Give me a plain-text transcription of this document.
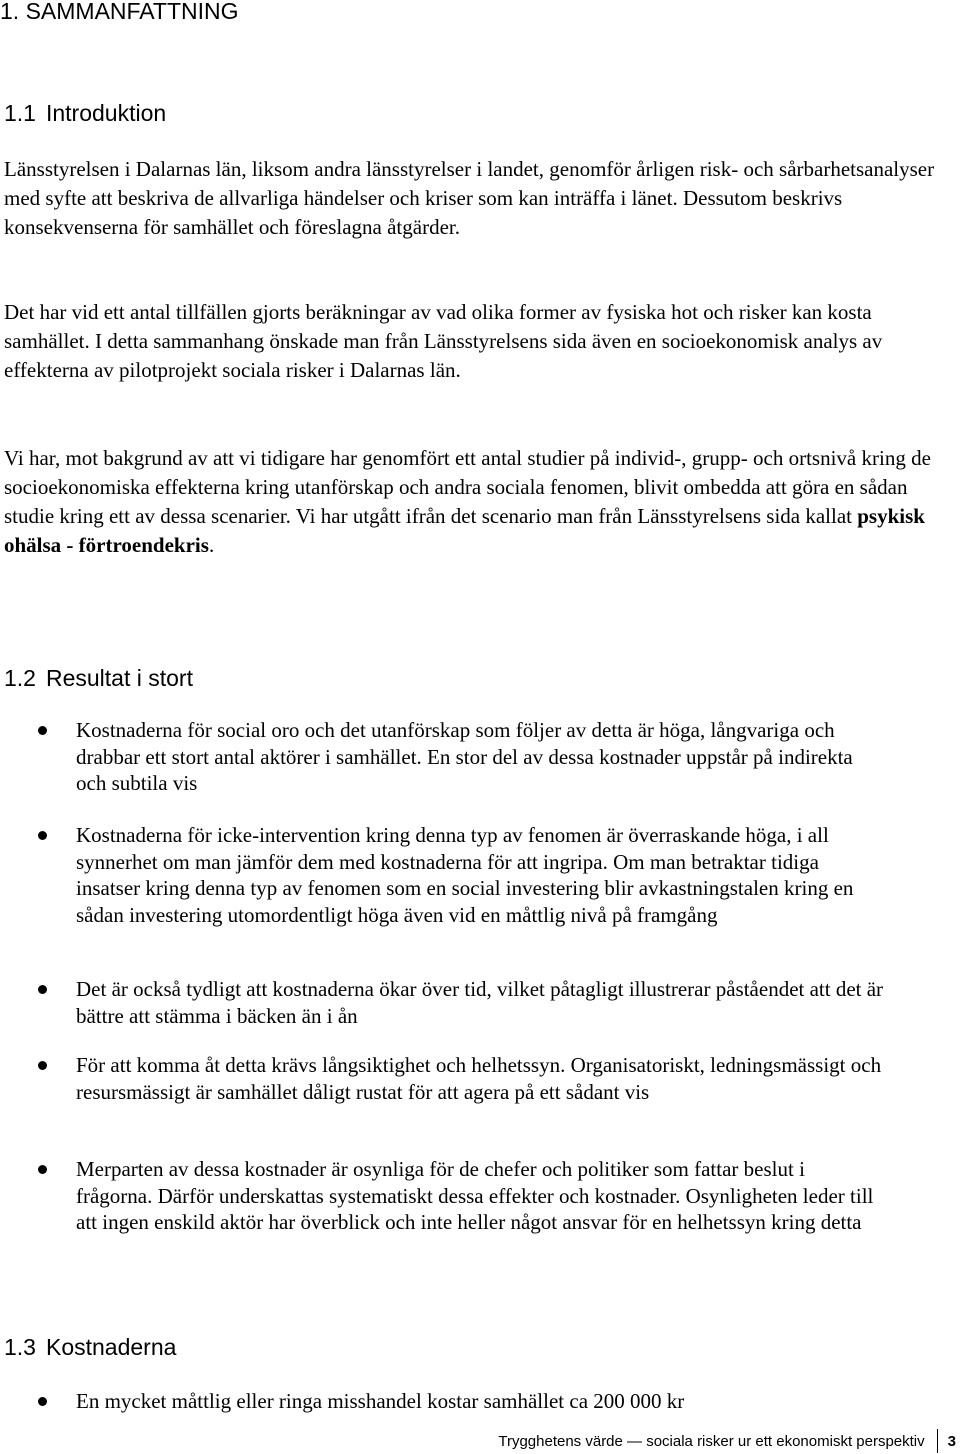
1. SAMMANFATTNING
1.1 Introduktion

Länsstyrelsen i Dalarnas län, liksom andra länsstyrelser i landet, genomför årligen risk- och sårbarhetsanalyser med syfte att beskriva de allvarliga händelser och kriser som kan inträffa i länet. Dessutom beskrivs konsekvenserna för samhället och föreslagna åtgärder.

Det har vid ett antal tillfällen gjorts beräkningar av vad olika former av fysiska hot och risker kan kosta samhället. I detta sammanhang önskade man från Länsstyrelsens sida även en socioekonomisk analys av effekterna av pilotprojekt sociala risker i Dalarnas län.

Vi har, mot bakgrund av att vi tidigare har genomfört ett antal studier på individ-, grupp- och ortsnivå kring de socioekonomiska effekterna kring utanförskap och andra sociala fenomen, blivit ombedda att göra en sådan studie kring ett av dessa scenarier. Vi har utgått ifrån det scenario man från Länsstyrelsens sida kallat psykisk ohälsa - förtroendekris.

1.2 Resultat i stort
Kostnaderna för social oro och det utanförskap som följer av detta är höga, långvariga och drabbar ett stort antal aktörer i samhället. En stor del av dessa kostnader uppstår på indirekta och subtila vis
Kostnaderna för icke-intervention kring denna typ av fenomen är överraskande höga, i all synnerhet om man jämför dem med kostnaderna för att ingripa. Om man betraktar tidiga insatser kring denna typ av fenomen som en social investering blir avkastningstalen kring en sådan investering utomordentligt höga även vid en måttlig nivå på framgång
Det är också tydligt att kostnaderna ökar över tid, vilket påtagligt illustrerar påståendet att det är bättre att stämma i bäcken än i ån
För att komma åt detta krävs långsiktighet och helhetssyn. Organisatoriskt, ledningsmässigt och resursmässigt är samhället dåligt rustat för att agera på ett sådant vis
Merparten av dessa kostnader är osynliga för de chefer och politiker som fattar beslut i frågorna. Därför underskattas systematiskt dessa effekter och kostnader. Osynligheten leder till att ingen enskild aktör har överblick och inte heller något ansvar för en helhetssyn kring detta
1.3 Kostnaderna
En mycket måttlig eller ringa misshandel kostar samhället ca 200 000 kr
Trygghetens värde — sociala risker ur ett ekonomiskt perspektiv 3
